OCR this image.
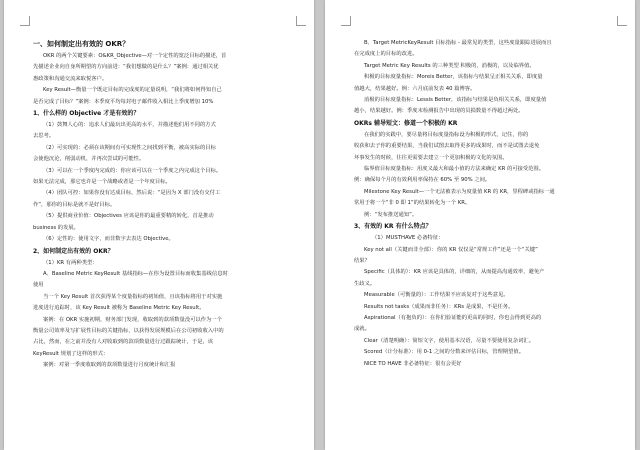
一、如何制定出有效的 OKR？
OKR 的两个关键要素：O&KR_Objective—对一个定性的宽泛目标的描述，首
先描述企业向自身所期望的方向前进：“我们想做的是什么？”案例：通过相关优
惠政策和沟通交流来取悦客户。
Key Result—衡量一个既定目标的完成度的定量说明，“我们将如何得知自己
是否完成了目标？”案例：本季度平均每封电子邮件收入相比上季度增加 10%
1、什么样的 Objective 才是有效的？
（1）鼓舞人心的：追求人们最玩出更高的水平，并描述他们用不同的方式
去思考。
（2）可实现的：必须在该期间有可实现性之间找到平衡，被高实际的目标
会使他沉沦，削弱动机，并再次尝试的可能性。
（3）可以在一个季度内完成的：你应该可以在一个季度之内完成这个目标。
如果无法完成，那它也许是一个战略或者是一个年度目标。
（4）团队可控：如果你没有达成目标，然后说：“是因为 X 部门没有交付工
作”，那你的目标是就不是好目标。
（5）提供商业价值：Objectives 应该是你的最重要精的转化，首是推动
business 的发展。
（6）定性的：使用文字，而非数字去表达 Objective。
2、如何制定出有效的 OKR？
（1）KR 有两种类型：
A、Baseline Metric KeyResult 基线指标—在你为设置目标而收集基线信息时
使用
当一个 Key Result 首次获得某个度量指标的初始值，且该指标将用于对实施
进度进行追踪时，该 Key Result 被称为 Baseline Metric Key Result。
案例：在 OKR 实施初期，财务部门发现，收取到的款项数量没可以作为一个
衡量公司效率及写扩展性目标的关键指标，以获得发展规模后在公司初收收入中的
占比，然而，在之前并没有人对收取到的款项数量进行过跟踪统计，于是，该
KeyResult 规划了这样的形式：
案例：对第一季度收取到的款项数量进行月度统计和汇报
B、Target MetricKeyResult 目标指标 - 最常见的类型，这些度量跟踪进展而且
在完成度上的目标的改进。
Target Metric Key Results 的三种类型 积极的，消极的，以及临界值。
积极的目标度量指标：Moreis Better，该指标与结果呈正相关关系，即度量
值越大，结果越好。例：六月底前发表 40 篇博客。
消极的目标度量指标：Lessis Better，该指标与结果是负相关关系，即度量值
越小，结果越好。例：季度末检测报告中出现的员损数量不得超过两处。
OKRs 辅导短文：修道一个积极的 KR
在我们的实践中，要尽量将目标度量指标设为积极的形式，记住，你的
收获和去子你的重要结果，当我们试图去取得更多的成果时，而不是试图去退免
坏事发生的时候，往往更需要去建立一个更加积极的文化的氛围。
临界值目标度量指标：用度义最大和最小值的方法来确定 KR 的可接受范围。
例：确保每个月的有效利用率保持在 60% 至 90% 之间。
Milestone Key Result—一个无法被表示为度量值 KR 的 KR，里程碑或指标一通
常用于将一个“非 0 即 1”的结果转化为一个 KR。
例：“发布推送通知”。
3、有效的 KR 有什么特点？
（1）MUSTHAVE 必备特征：
Key not all（关键而非全部）：你的 KR 仅仅是“常规工作”还是一个“关键”
结果？
Specific（具体的）：KR 应该是具体的，详细的，从而提高沟通效率，避免产
生歧义。
Measurable（可衡量的）：工作结果不应该复对于这些意见。
Results not tasks（成果而非任务）：KRs 是成果，不是任务。
Aspirational（有抱负的）：在你们验证能的更高的同时，你也会得到更高的
成就。
Clear（清楚明确）：简短文字，使用基本汉语，尽量不要使用复杂词汇。
Scored（计分标准）：用 0-1 之间的分数来评估目标，管理期望值。
NICE TO HAVE 非必备特征：很有会更好
